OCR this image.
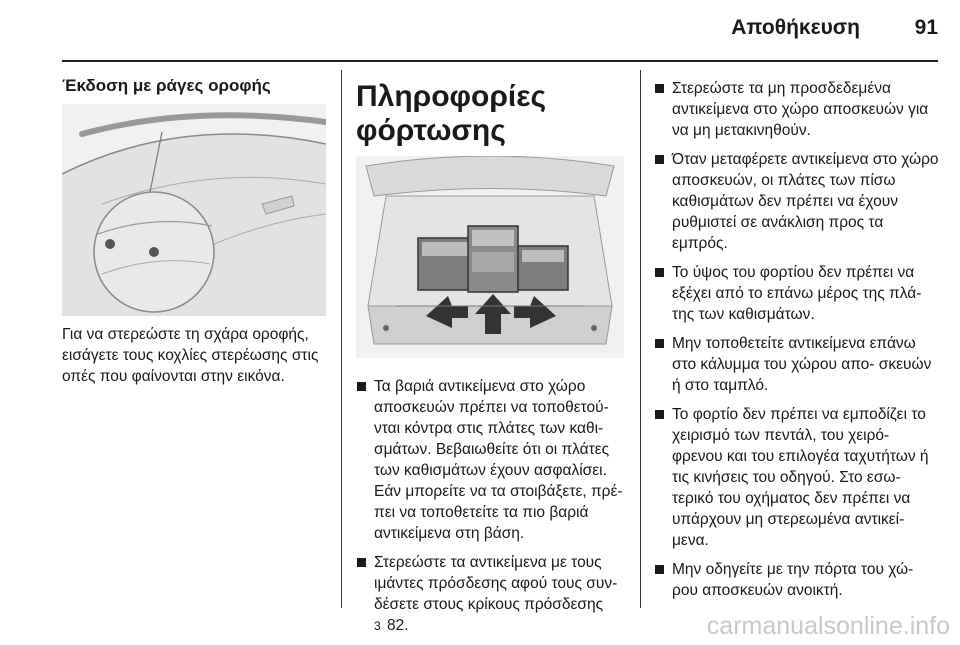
Αποθήκευση	91
Έκδοση με ράγες οροφής
Για να στερεώστε τη σχάρα οροφής, εισάγετε τους κοχλίες στερέωσης στις οπές που φαίνονται στην εικόνα.
Πληροφορίες
φόρτωσης
Τα βαριά αντικείμενα στο χώρο αποσκευών πρέπει να τοποθετού- νται κόντρα στις πλάτες των καθι- σμάτων. Βεβαιωθείτε ότι οι πλάτες των καθισμάτων έχουν ασφαλίσει. Εάν μπορείτε να τα στοιβάξετε, πρέ- πει να τοποθετείτε τα πιο βαριά αντικείμενα στη βάση.
Στερεώστε τα αντικείμενα με τους ιμάντες πρόσδεσης αφού τους συν- δέσετε στους κρίκους πρόσδεσης
3 82.
Στερεώστε τα μη προσδεδεμένα αντικείμενα στο χώρο αποσκευών για να μη μετακινηθούν.
Όταν μεταφέρετε αντικείμενα στο χώρο αποσκευών, οι πλάτες των πίσω καθισμάτων δεν πρέπει να έχουν ρυθμιστεί σε ανάκλιση προς τα εμπρός.
Το ύψος του φορτίου δεν πρέπει να εξέχει από το επάνω μέρος της πλά- της των καθισμάτων.
Μην τοποθετείτε αντικείμενα επάνω στο κάλυμμα του χώρου απο- σκευών ή στο ταμπλό.
Το φορτίο δεν πρέπει να εμποδίζει το χειρισμό των πεντάλ, του χειρό- φρενου και του επιλογέα ταχυτήτων ή τις κινήσεις του οδηγού. Στο εσω- τερικό του οχήματος δεν πρέπει να υπάρχουν μη στερεωμένα αντικεί- μενα.
Μην οδηγείτε με την πόρτα του χώ- ρου αποσκευών ανοικτή.
carmanualsonline.info
